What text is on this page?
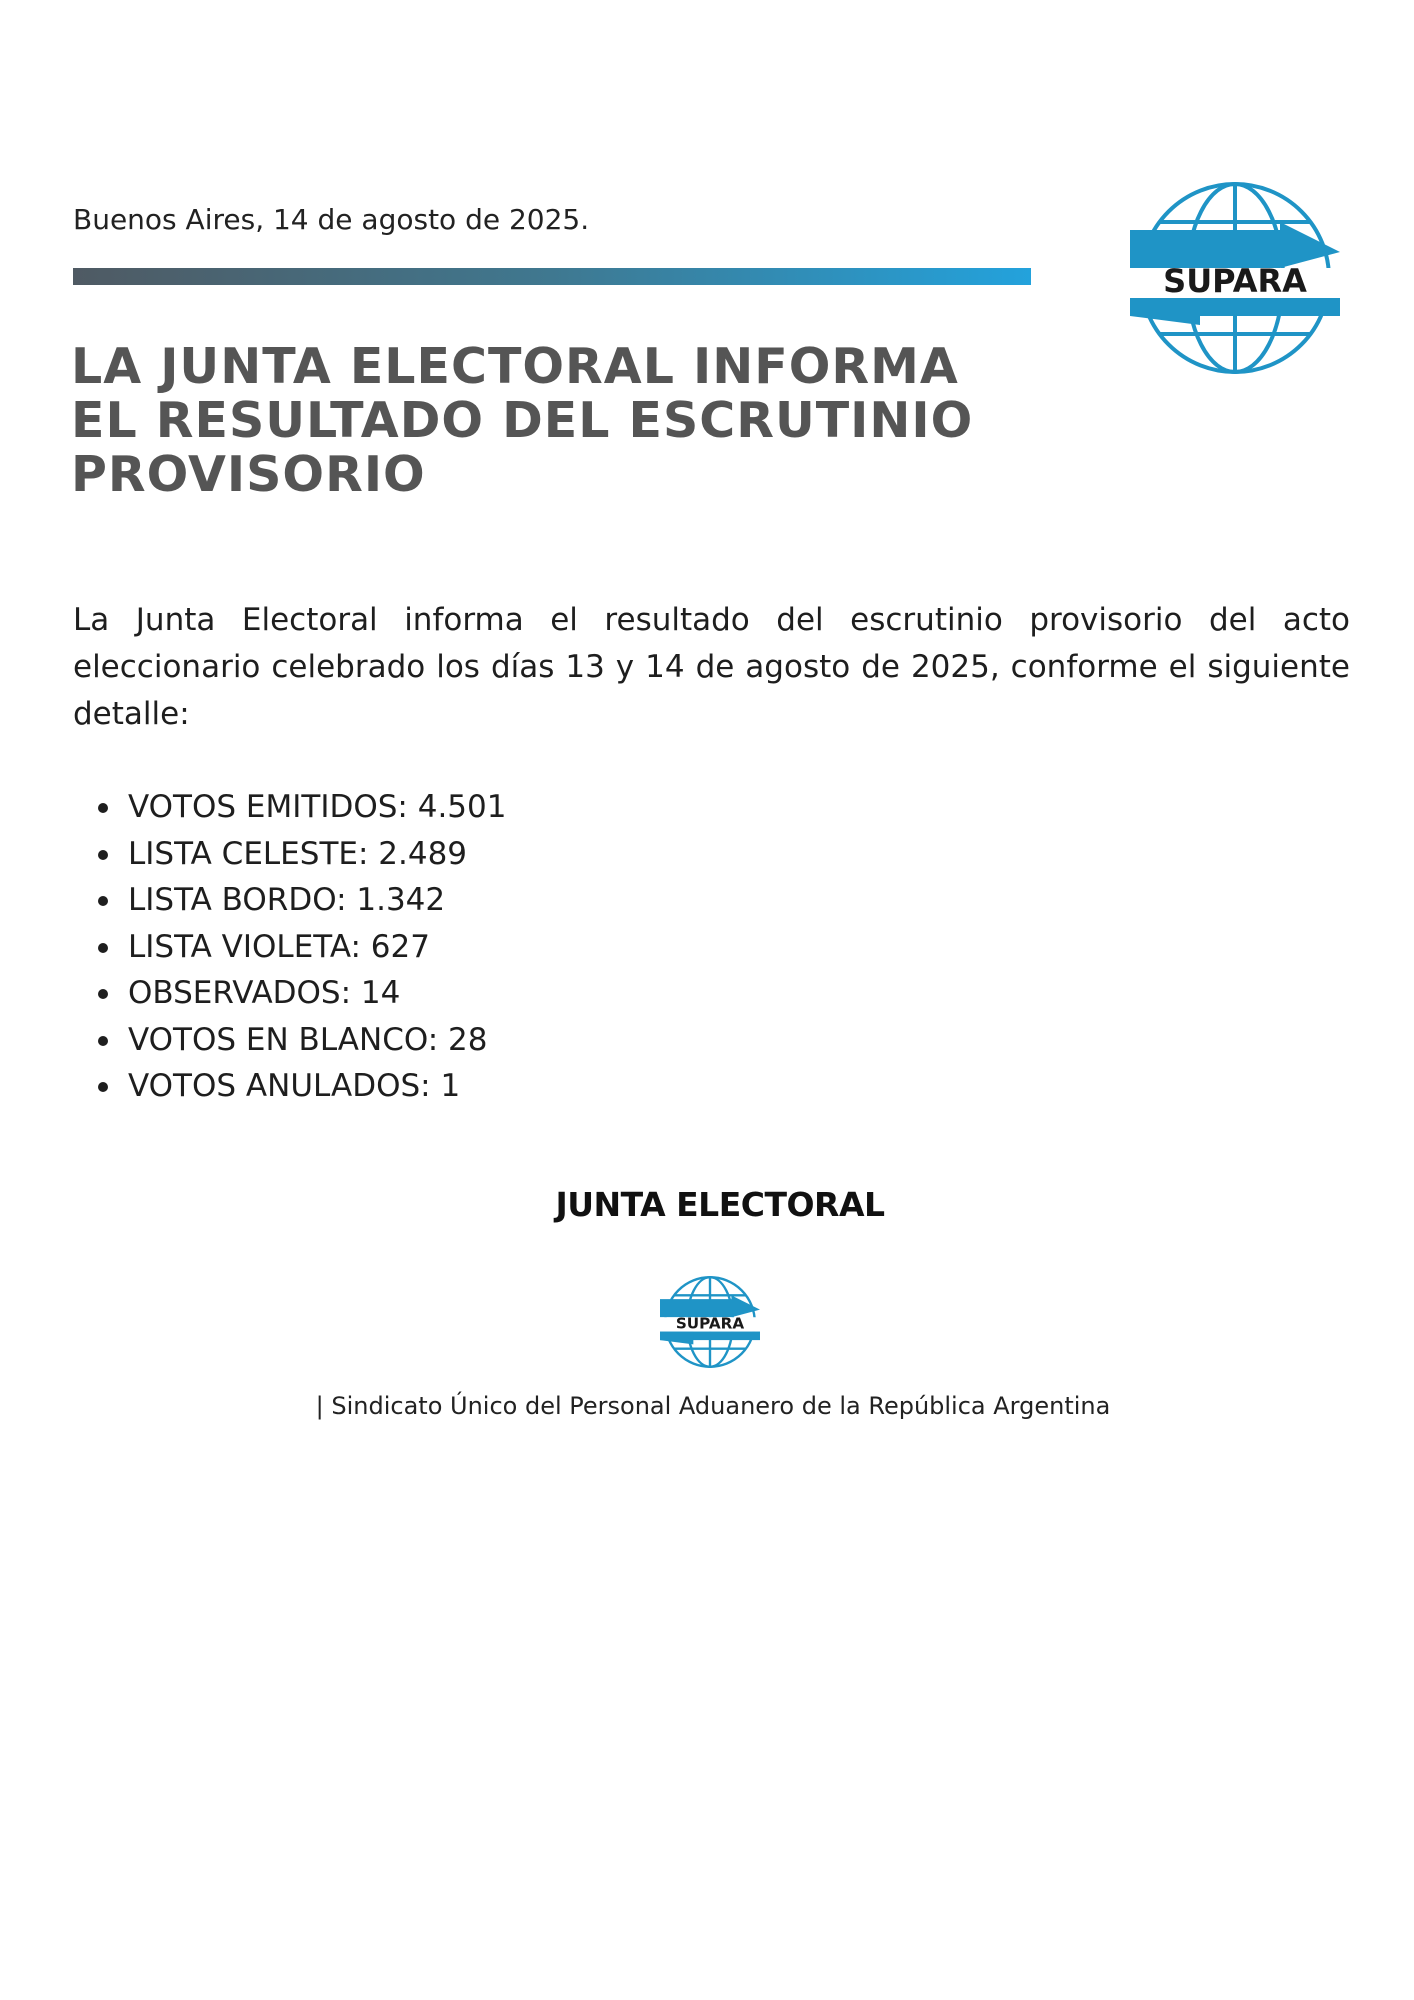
Buenos Aires, 14 de agosto de 2025.

SUPARA
LA JUNTA ELECTORAL INFORMA
EL RESULTADO DEL ESCRUTINIO
PROVISORIO

La Junta Electoral informa el resultado del escrutinio provisorio del acto eleccionario celebrado los días 13 y 14 de agosto de 2025, conforme el siguiente detalle:

VOTOS EMITIDOS: 4.501
LISTA CELESTE: 2.489
LISTA BORDO: 1.342
LISTA VIOLETA: 627
OBSERVADOS: 14
VOTOS EN BLANCO: 28
VOTOS ANULADOS: 1

JUNTA ELECTORAL

SUPARA

| Sindicato Único del Personal Aduanero de la República Argentina
